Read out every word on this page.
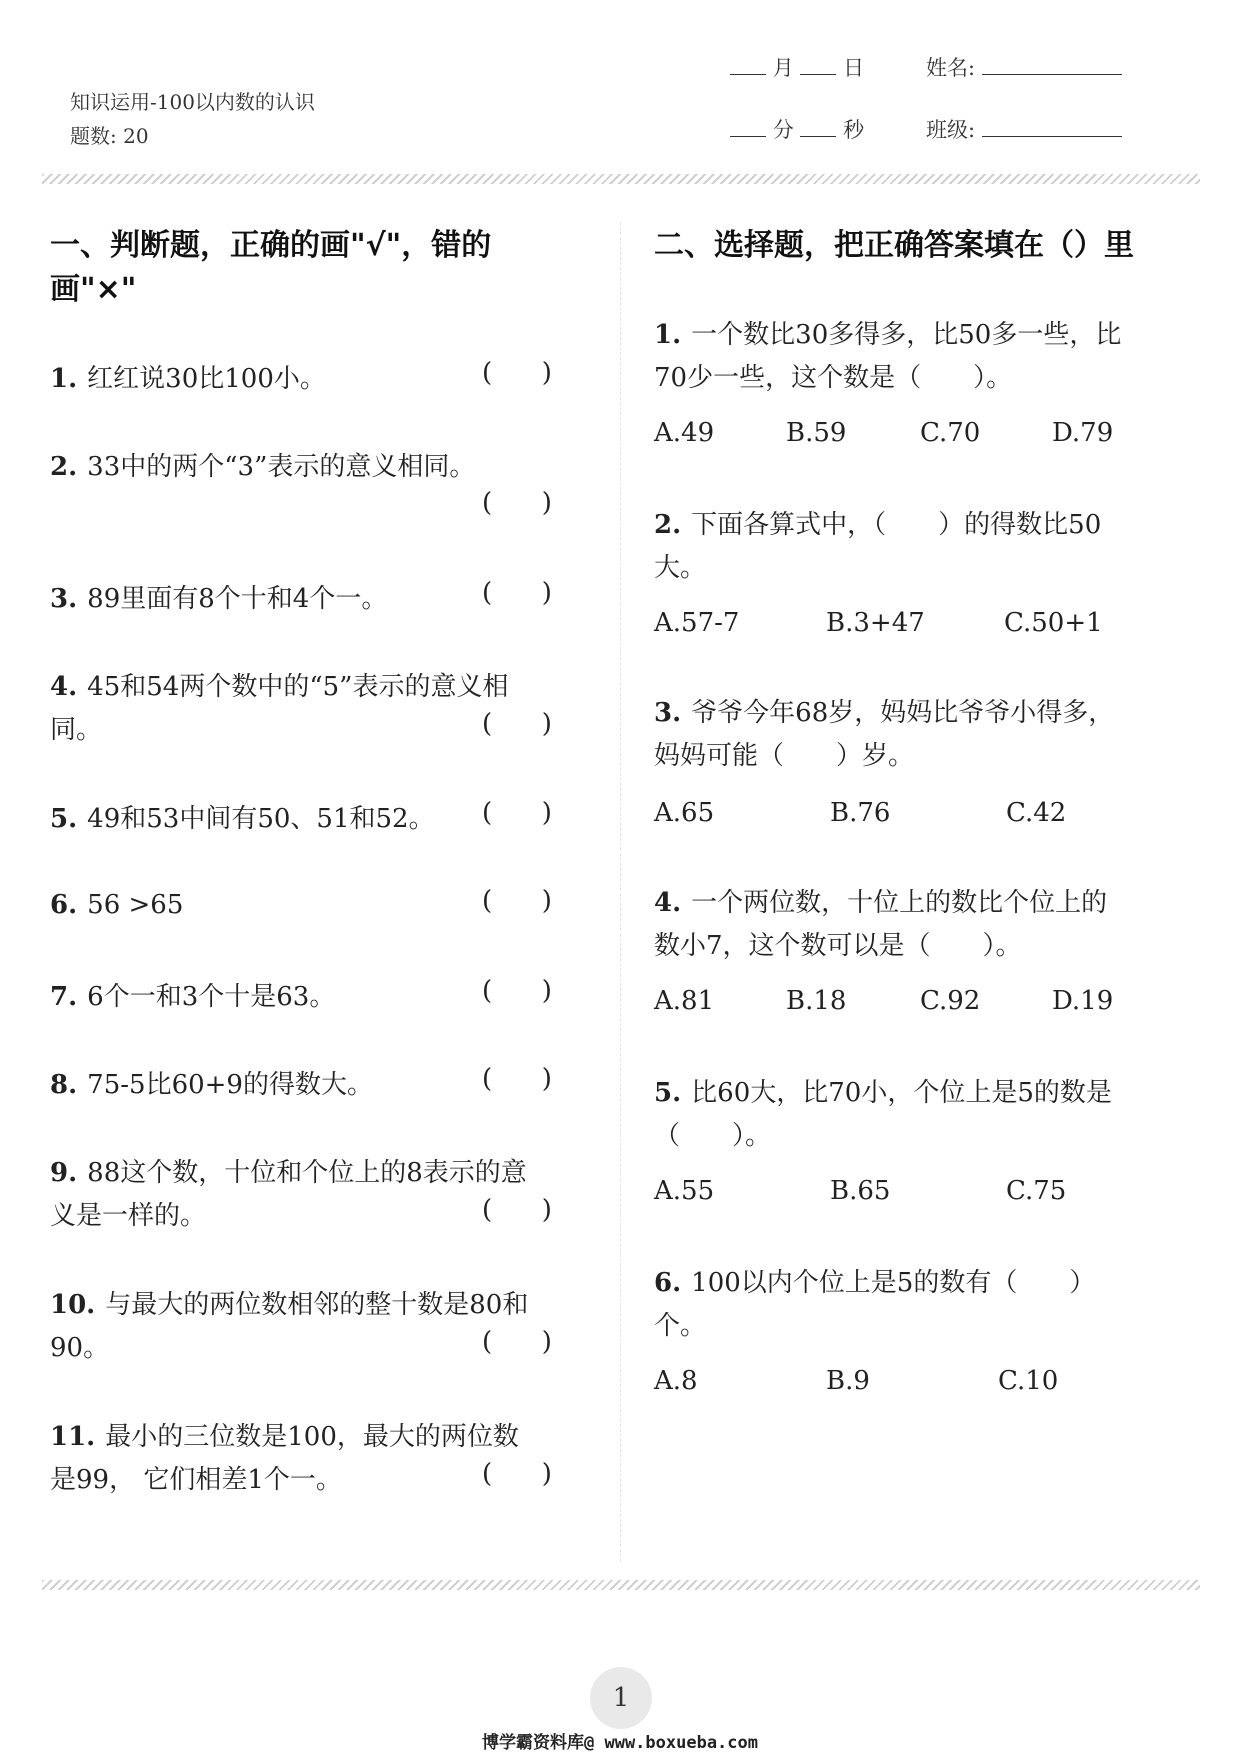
知识运用-100以内数的认识
题数: 20
月 日	姓名:
分 秒	班级:
一、判断题，正确的画"√"，错的
画"×"
1. 红红说30比100小。	(      )
2. 33中的两个“3”表示的意义相同。
(      )
3. 89里面有8个十和4个一。	(      )
4. 45和54两个数中的“5”表示的意义相
同。	(      )
5. 49和53中间有50、51和52。	(      )
6. 56 >65	(      )
7. 6个一和3个十是63。	(      )
8. 75-5比60+9的得数大。	(      )
9. 88这个数，十位和个位上的8表示的意
义是一样的。	(      )
10. 与最大的两位数相邻的整十数是80和
90。	(      )
11. 最小的三位数是100，最大的两位数
是99， 它们相差1个一。	(      )
二、选择题，把正确答案填在（）里
1. 一个数比30多得多，比50多一些，比
70少一些，这个数是（　　）。
A.49	B.59	C.70	D.79
2. 下面各算式中，（　　）的得数比50
大。
A.57-7	B.3+47	C.50+1
3. 爷爷今年68岁，妈妈比爷爷小得多，
妈妈可能（　　）岁。
A.65	B.76	C.42
4. 一个两位数，十位上的数比个位上的
数小7，这个数可以是（　　）。
A.81	B.18	C.92	D.19
5. 比60大，比70小，个位上是5的数是
（　　）。
A.55	B.65	C.75
6. 100以内个位上是5的数有（　　）
个。
A.8	B.9	C.10
1
博学霸资料库@ www.boxueba.com
